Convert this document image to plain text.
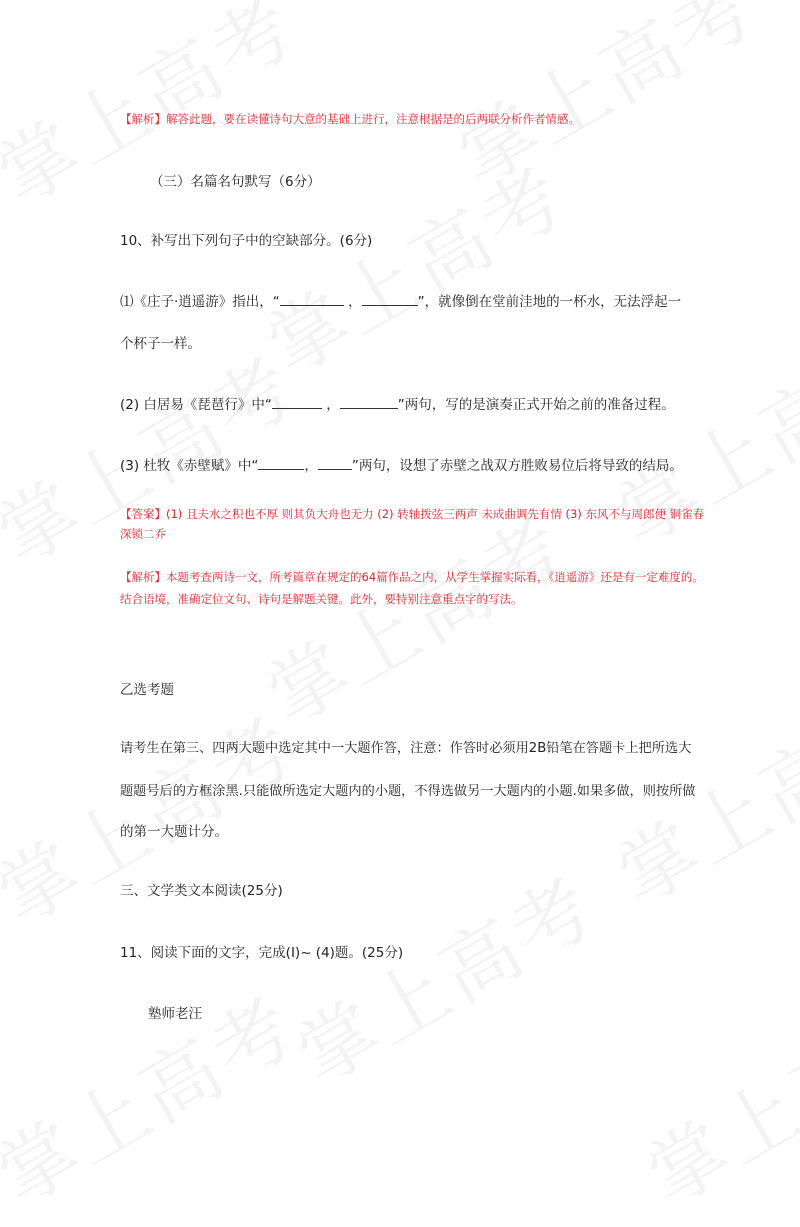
【解析】解答此题，要在读懂诗句大意的基础上进行，注意根据是的后两联分析作者情感。
（三）名篇名句默写（6分）
10、补写出下列句子中的空缺部分。(6分)
⑴《庄子·逍遥游》指出，“	，	”，就像倒在堂前洼地的一杯水，无法浮起一
个杯子一样。
(2) 白居易《琵琶行》中“	，	”两句，写的是演奏正式开始之前的准备过程。
(3) 杜牧《赤壁赋》中“	，	”两句，设想了赤壁之战双方胜败易位后将导致的结局。
【答案】(1) 且夫水之积也不厚 则其负大舟也无力 (2) 转轴拨弦三两声 未成曲调先有情 (3) 东风不与周郎便 铜雀春深锁二乔
【解析】本题考查两诗一文，所考篇章在规定的64篇作品之内，从学生掌握实际看，《逍遥游》还是有一定难度的。结合语境，准确定位文句、诗句是解题关键。此外，要特别注意重点字的写法。
乙选考题
请考生在第三、四两大题中选定其中一大题作答，注意：作答时必须用2B铅笔在答题卡上把所选大
题题号后的方框涂黑.只能做所选定大题内的小题，不得选做另一大题内的小题.如果多做，则按所做
的第一大题计分。
三、文学类文本阅读(25分)
11、阅读下面的文字，完成(Ⅰ)~ (4)题。(25分)
塾师老汪
